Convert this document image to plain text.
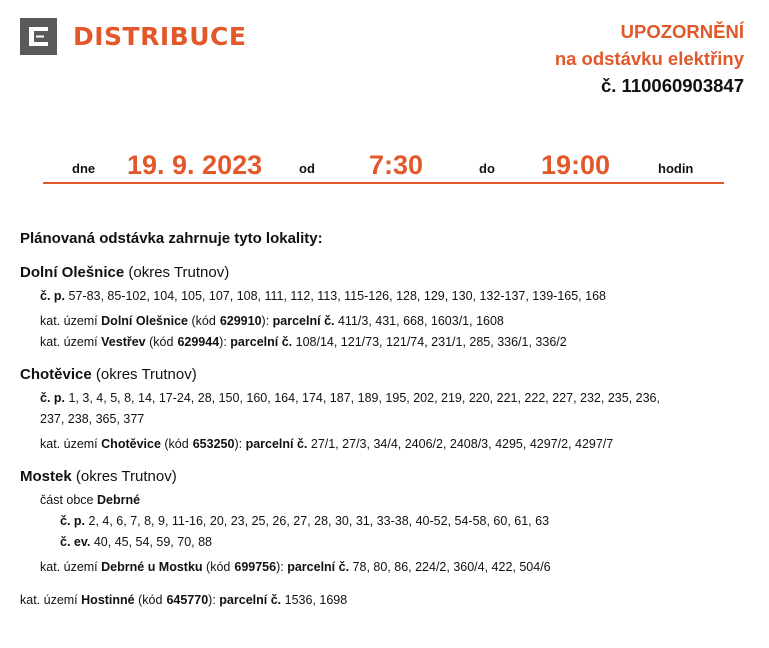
DISTRIBUCE	UPOZORNĚNÍ
na odstávku elektřiny
č. 110060903847
dne 19. 9. 2023	od 7:30	do 19:00	hodin
Plánovaná odstávka zahrnuje tyto lokality:
Dolní Olešnice (okres Trutnov)
č. p. 57-83, 85-102, 104, 105, 107, 108, 111, 112, 113, 115-126, 128, 129, 130, 132-137, 139-165, 168
kat. území Dolní Olešnice (kód 629910): parcelní č. 411/3, 431, 668, 1603/1, 1608
kat. území Vestřev (kód 629944): parcelní č. 108/14, 121/73, 121/74, 231/1, 285, 336/1, 336/2
Chotěvice (okres Trutnov)
č. p. 1, 3, 4, 5, 8, 14, 17-24, 28, 150, 160, 164, 174, 187, 189, 195, 202, 219, 220, 221, 222, 227, 232, 235, 236,
237, 238, 365, 377
kat. území Chotěvice (kód 653250): parcelní č. 27/1, 27/3, 34/4, 2406/2, 2408/3, 4295, 4297/2, 4297/7
Mostek (okres Trutnov)
část obce Debrné
č. p. 2, 4, 6, 7, 8, 9, 11-16, 20, 23, 25, 26, 27, 28, 30, 31, 33-38, 40-52, 54-58, 60, 61, 63
č. ev. 40, 45, 54, 59, 70, 88
kat. území Debrné u Mostku (kód 699756): parcelní č. 78, 80, 86, 224/2, 360/4, 422, 504/6
kat. území Hostinné (kód 645770): parcelní č. 1536, 1698
